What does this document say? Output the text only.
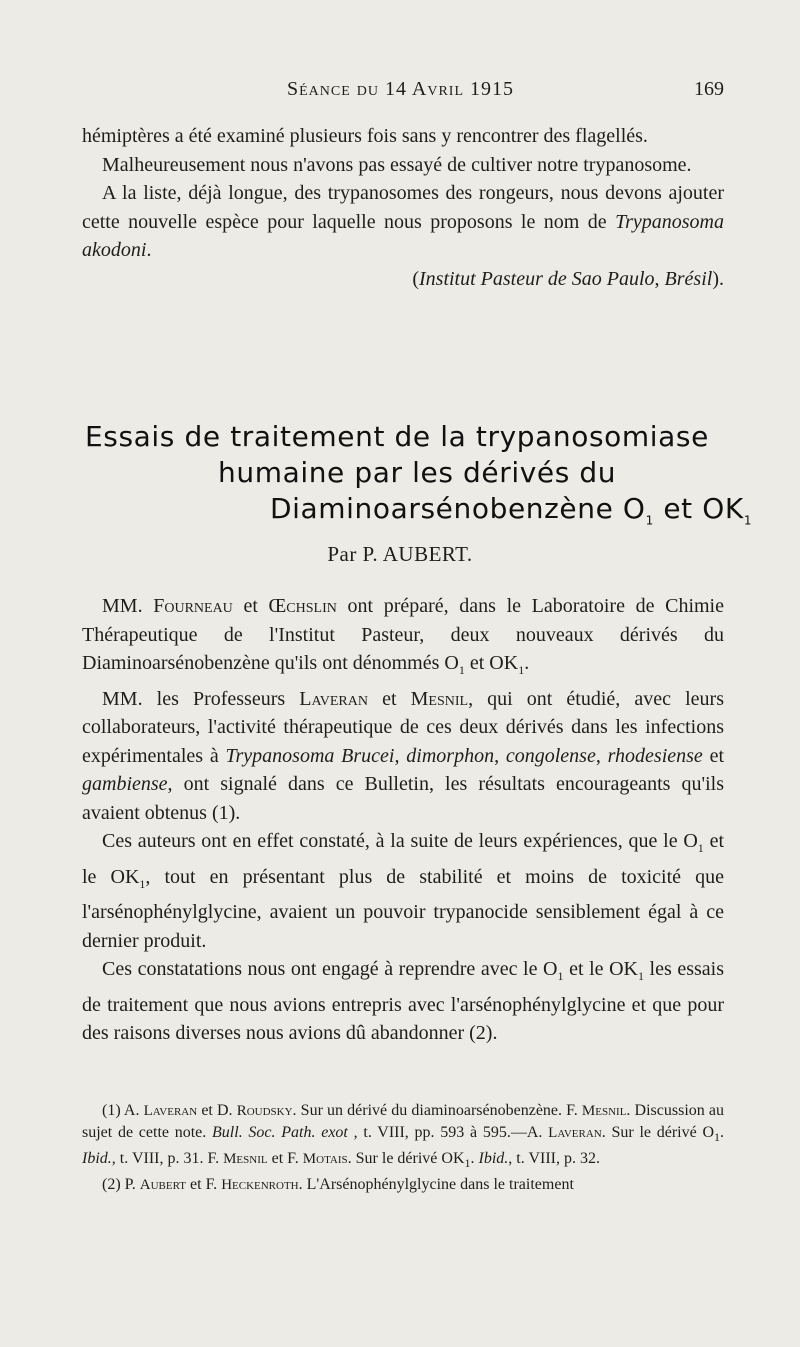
Séance du 14 Avril 1915	169

hémiptères a été examiné plusieurs fois sans y rencontrer des flagellés.

Malheureusement nous n'avons pas essayé de cultiver notre trypanosome.

A la liste, déjà longue, des trypanosomes des rongeurs, nous devons ajouter cette nouvelle espèce pour laquelle nous proposons le nom de Trypanosoma akodoni.

(Institut Pasteur de Sao Paulo, Brésil).

Essais de traitement de la trypanosomiase
humaine par les dérivés du
Diaminoarsénobenzène $O_1$ et $OK_1$
Par P. AUBERT.

MM. Fourneau et Œchslin ont préparé, dans le Laboratoire de Chimie Thérapeutique de l'Institut Pasteur, deux nouveaux dérivés du Diaminoarsénobenzène qu'ils ont dénommés $O_1$ et $OK_1$.

MM. les Professeurs Laveran et Mesnil, qui ont étudié, avec leurs collaborateurs, l'activité thérapeutique de ces deux dérivés dans les infections expérimentales à Trypanosoma Brucei, dimorphon, congolense, rhodesiense et gambiense, ont signalé dans ce Bulletin, les résultats encourageants qu'ils avaient obtenus (1).

Ces auteurs ont en effet constaté, à la suite de leurs expériences, que le $O_1$ et le $OK_1$, tout en présentant plus de stabilité et moins de toxicité que l'arsénophénylglycine, avaient un pouvoir trypanocide sensiblement égal à ce dernier produit.

Ces constatations nous ont engagé à reprendre avec le $O_1$ et le $OK_1$ les essais de traitement que nous avions entrepris avec l'arsénophénylglycine et que pour des raisons diverses nous avions dû abandonner (2).

(1) A. Laveran et D. Roudsky. Sur un dérivé du diaminoarsénobenzène. F. Mesnil. Discussion au sujet de cette note. Bull. Soc. Path. exot , t. VIII, pp. 593 à 595.—A. Laveran. Sur le dérivé $O_1$. Ibid., t. VIII, p. 31. F. Mesnil et F. Motais. Sur le dérivé $OK_1$. Ibid., t. VIII, p. 32.

(2) P. Aubert et F. Heckenroth. L'Arsénophénylglycine dans le traitement
